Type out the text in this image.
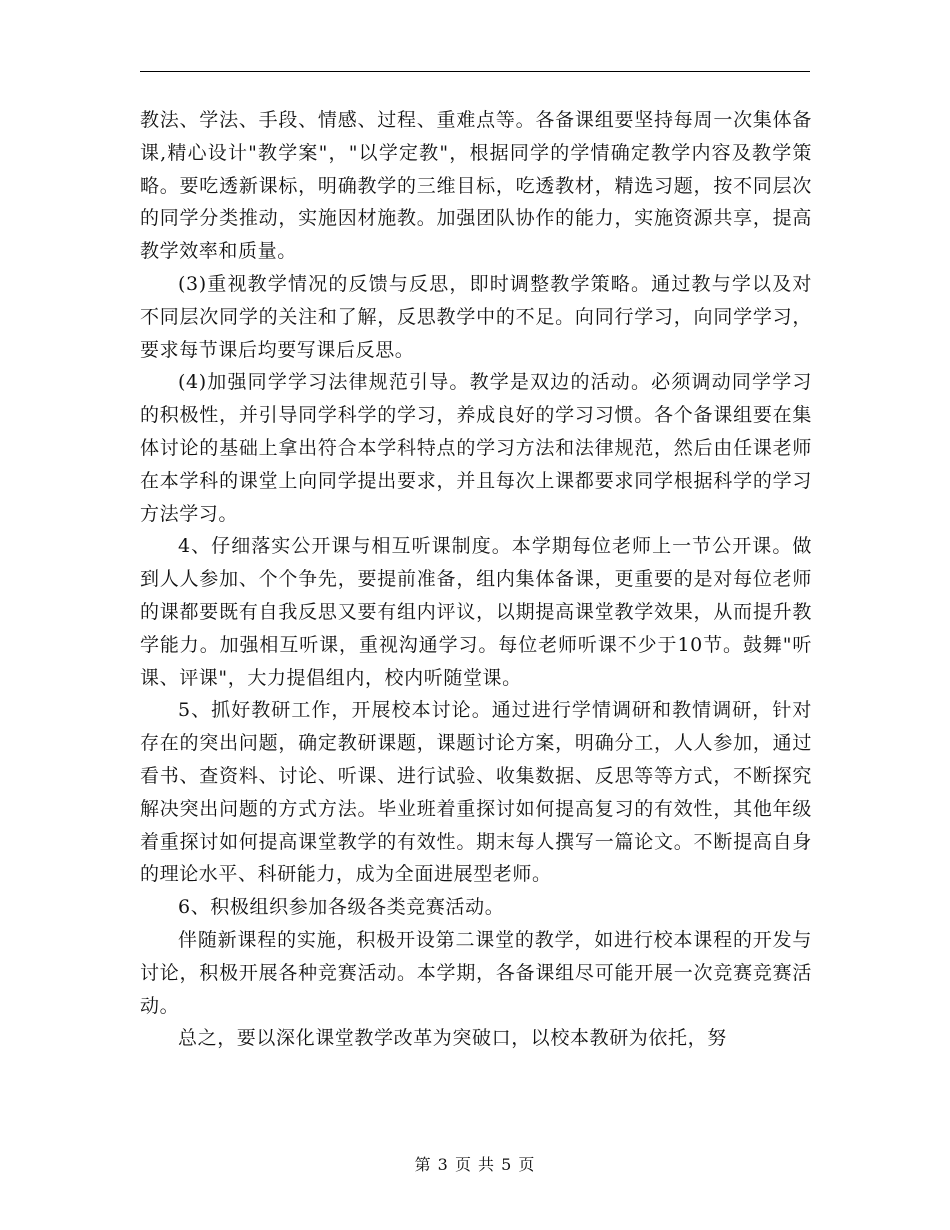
教法、学法、手段、情感、过程、重难点等。各备课组要坚持每周一次集体备课,精心设计"教学案"，"以学定教"，根据同学的学情确定教学内容及教学策略。要吃透新课标，明确教学的三维目标，吃透教材，精选习题，按不同层次的同学分类推动，实施因材施教。加强团队协作的能力，实施资源共享，提高教学效率和质量。

(3)重视教学情况的反馈与反思，即时调整教学策略。通过教与学以及对不同层次同学的关注和了解，反思教学中的不足。向同行学习，向同学学习，要求每节课后均要写课后反思。

(4)加强同学学习法律规范引导。教学是双边的活动。必须调动同学学习的积极性，并引导同学科学的学习，养成良好的学习习惯。各个备课组要在集体讨论的基础上拿出符合本学科特点的学习方法和法律规范，然后由任课老师在本学科的课堂上向同学提出要求，并且每次上课都要求同学根据科学的学习方法学习。

4、仔细落实公开课与相互听课制度。本学期每位老师上一节公开课。做到人人参加、个个争先，要提前准备，组内集体备课，更重要的是对每位老师的课都要既有自我反思又要有组内评议，以期提高课堂教学效果，从而提升教学能力。加强相互听课，重视沟通学习。每位老师听课不少于10节。鼓舞"听课、评课"，大力提倡组内，校内听随堂课。

5、抓好教研工作，开展校本讨论。通过进行学情调研和教情调研，针对存在的突出问题，确定教研课题，课题讨论方案，明确分工，人人参加，通过看书、查资料、讨论、听课、进行试验、收集数据、反思等等方式，不断探究解决突出问题的方式方法。毕业班着重探讨如何提高复习的有效性，其他年级着重探讨如何提高课堂教学的有效性。期末每人撰写一篇论文。不断提高自身的理论水平、科研能力，成为全面进展型老师。

6、积极组织参加各级各类竞赛活动。

伴随新课程的实施，积极开设第二课堂的教学，如进行校本课程的开发与讨论，积极开展各种竞赛活动。本学期，各备课组尽可能开展一次竞赛竞赛活动。

总之，要以深化课堂教学改革为突破口，以校本教研为依托，努

第 3 页 共 5 页
